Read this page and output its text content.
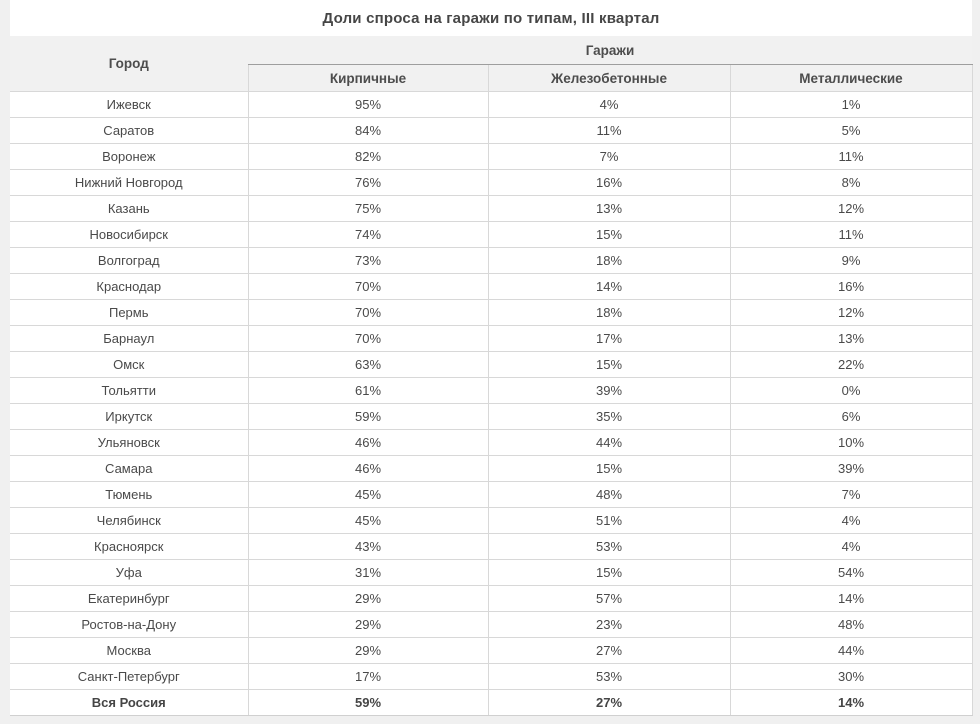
Доли спроса на гаражи по типам, III квартал
Город	Гаражи		
	Кирпичные	Железобетонные	Металлические
Ижевск	95%	4%	1%
Саратов	84%	11%	5%
Воронеж	82%	7%	11%
Нижний Новгород	76%	16%	8%
Казань	75%	13%	12%
Новосибирск	74%	15%	11%
Волгоград	73%	18%	9%
Краснодар	70%	14%	16%
Пермь	70%	18%	12%
Барнаул	70%	17%	13%
Омск	63%	15%	22%
Тольятти	61%	39%	0%
Иркутск	59%	35%	6%
Ульяновск	46%	44%	10%
Самара	46%	15%	39%
Тюмень	45%	48%	7%
Челябинск	45%	51%	4%
Красноярск	43%	53%	4%
Уфа	31%	15%	54%
Екатеринбург	29%	57%	14%
Ростов-на-Дону	29%	23%	48%
Москва	29%	27%	44%
Санкт-Петербург	17%	53%	30%
Вся Россия	59%	27%	14%
